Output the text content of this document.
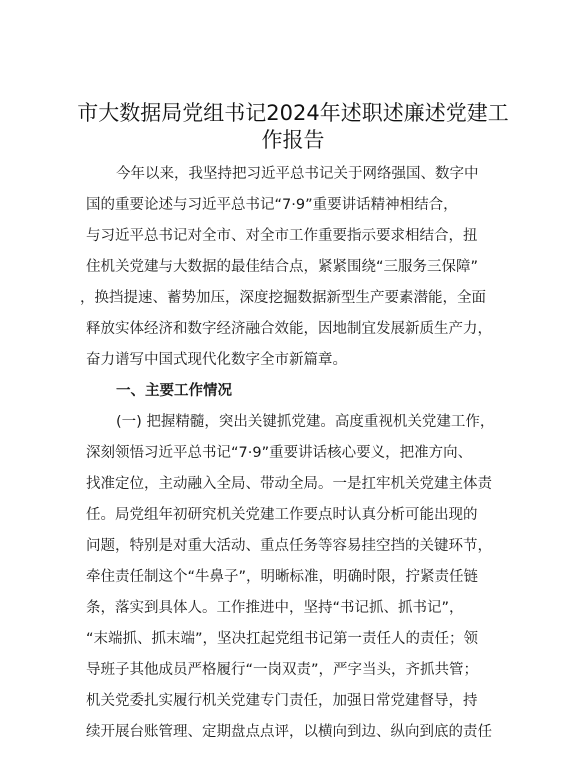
市大数据局党组书记2024年述职述廉述党建工
作报告
今年以来，我坚持把习近平总书记关于网络强国、数字中
国的重要论述与习近平总书记“7·9”重要讲话精神相结合，
与习近平总书记对全市、对全市工作重要指示要求相结合，扭
住机关党建与大数据的最佳结合点，紧紧围绕“三服务三保障”
，换挡提速、蓄势加压，深度挖掘数据新型生产要素潜能，全面
释放实体经济和数字经济融合效能，因地制宜发展新质生产力，
奋力谱写中国式现代化数字全市新篇章。
一、主要工作情况
(一) 把握精髓，突出关键抓党建。高度重视机关党建工作，
深刻领悟习近平总书记“7·9”重要讲话核心要义，把准方向、
找准定位，主动融入全局、带动全局。一是扛牢机关党建主体责
任。局党组年初研究机关党建工作要点时认真分析可能出现的
问题，特别是对重大活动、重点任务等容易挂空挡的关键环节，
牵住责任制这个“牛鼻子”，明晰标准，明确时限，拧紧责任链
条，落实到具体人。工作推进中，坚持“书记抓、抓书记”，
“末端抓、抓末端”，坚决扛起党组书记第一责任人的责任；领
导班子其他成员严格履行“一岗双责”，严字当头，齐抓共管；
机关党委扎实履行机关党建专门责任，加强日常党建督导，持
续开展台账管理、定期盘点点评，以横向到边、纵向到底的责任
